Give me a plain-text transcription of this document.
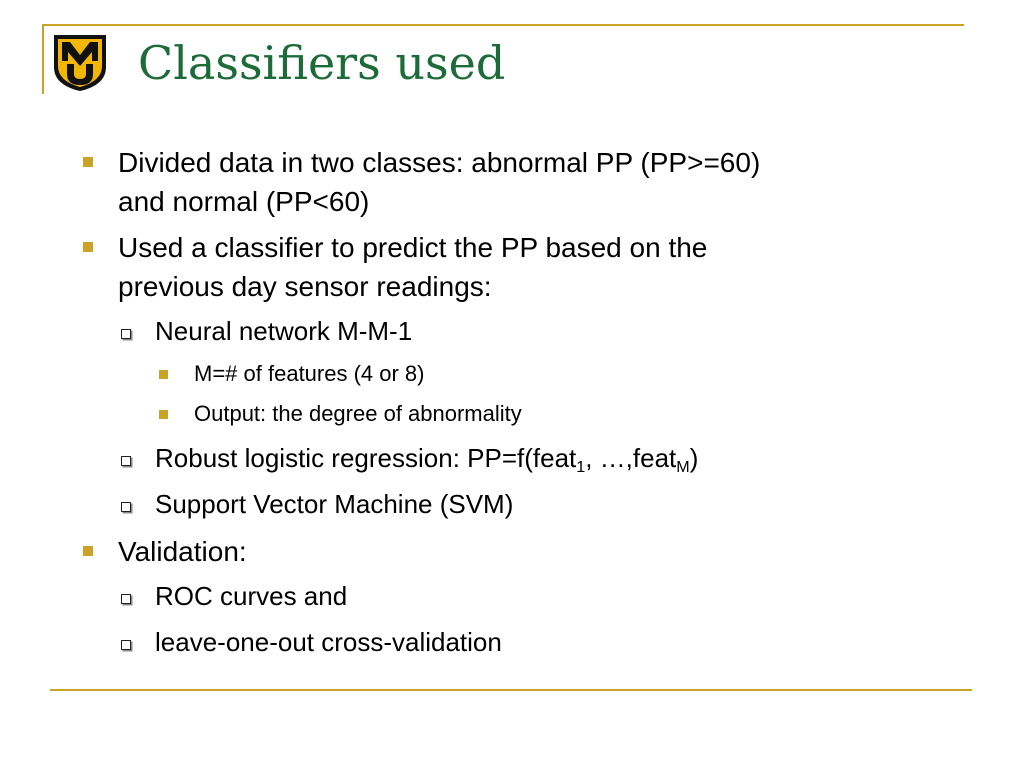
Classifiers used
Divided data in two classes: abnormal PP (PP>=60)
and normal (PP<60)
Used a classifier to predict the PP based on the
previous day sensor readings:
Neural network M-M-1
M=# of features (4 or 8)
Output: the degree of abnormality
Robust logistic regression: PP=f(feat$_1$, …,feat$_M$)
Support Vector Machine (SVM)
Validation:
ROC curves and
leave-one-out cross-validation
